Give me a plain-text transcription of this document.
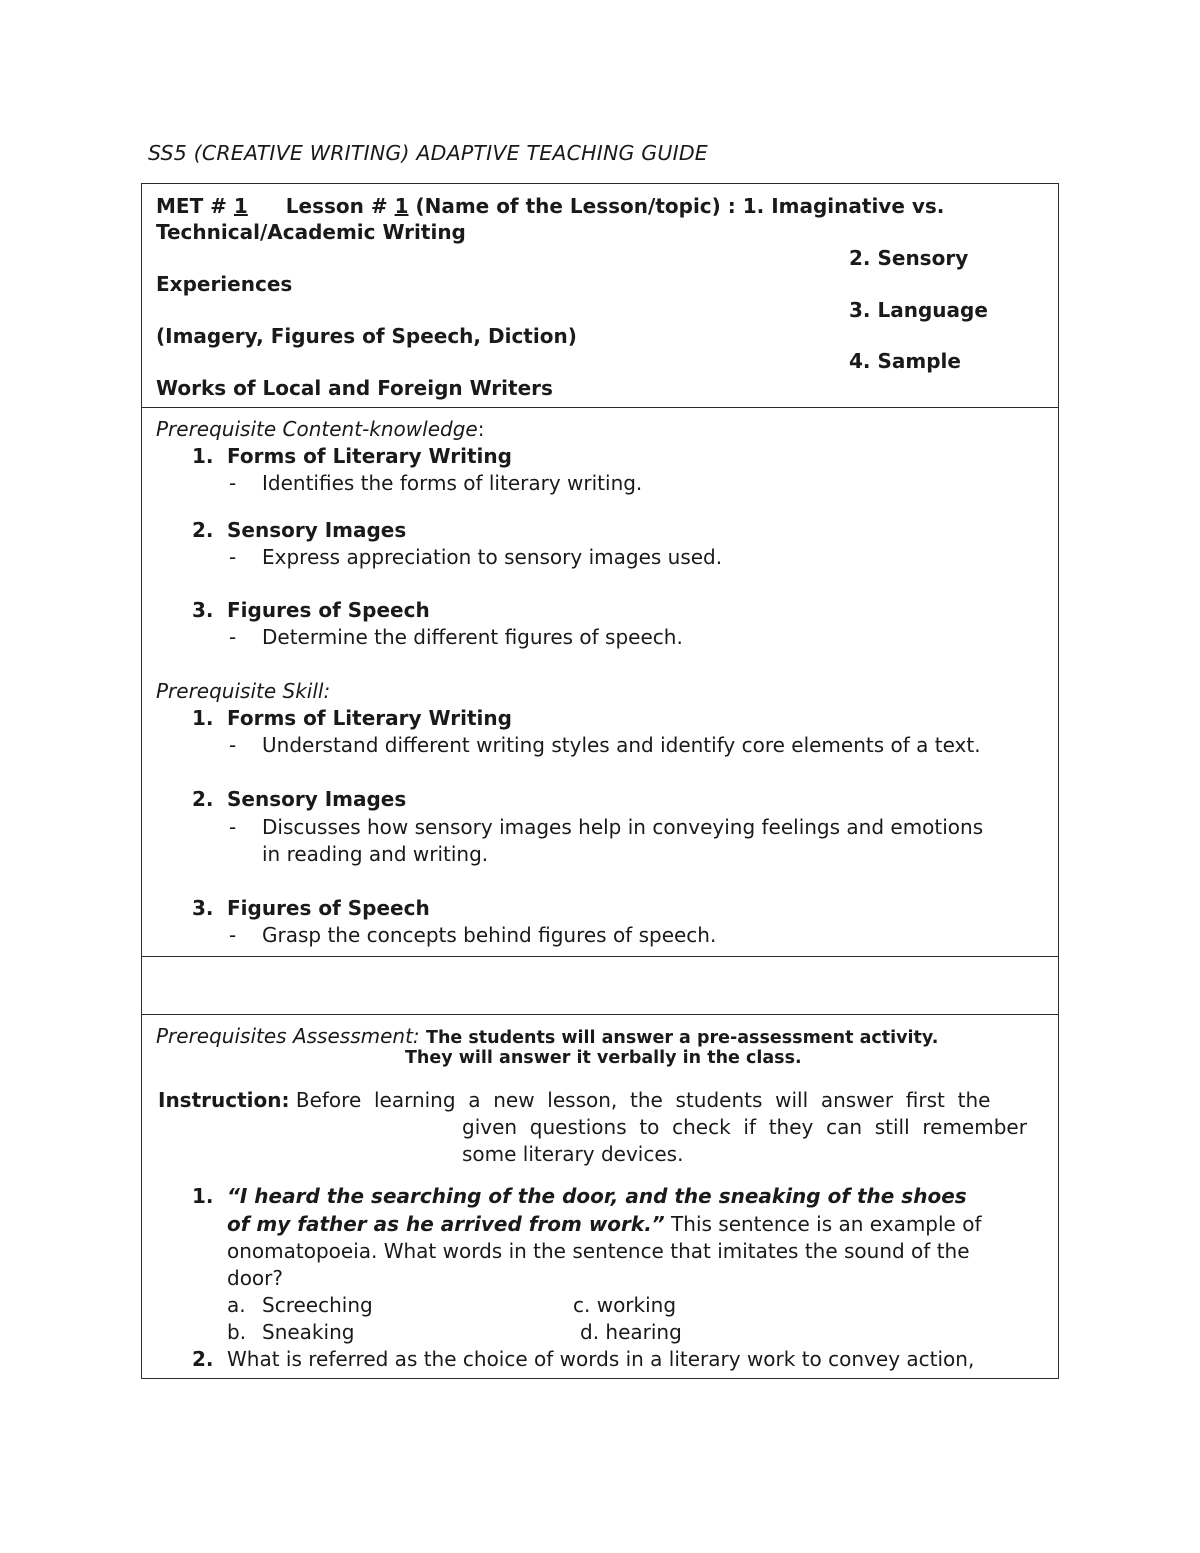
SS5 (CREATIVE WRITING) ADAPTIVE TEACHING GUIDE
MET # 1 Lesson # 1 (Name of the Lesson/topic) : 1. Imaginative vs.
Technical/Academic Writing
2. Sensory
Experiences
3. Language
(Imagery, Figures of Speech, Diction)
4. Sample
Works of Local and Foreign Writers
Prerequisite Content-knowledge:
1. Forms of Literary Writing
- Identifies the forms of literary writing.
2. Sensory Images
- Express appreciation to sensory images used.
3. Figures of Speech
- Determine the different figures of speech.
Prerequisite Skill:
1. Forms of Literary Writing
- Understand different writing styles and identify core elements of a text.
2. Sensory Images
- Discusses how sensory images help in conveying feelings and emotions
in reading and writing.
3. Figures of Speech
- Grasp the concepts behind figures of speech.
Prerequisites Assessment: The students will answer a pre-assessment activity.
They will answer it verbally in the class.
Instruction: Before  learning  a  new  lesson,  the  students  will  answer  first  the
given  questions  to  check  if  they  can  still  remember
some literary devices.
1. “I heard the searching of the door, and the sneaking of the shoes
of my father as he arrived from work.” This sentence is an example of
onomatopoeia. What words in the sentence that imitates the sound of the
door?
a. Screeching	c. working
b. Sneaking	d. hearing
2. What is referred as the choice of words in a literary work to convey action,
